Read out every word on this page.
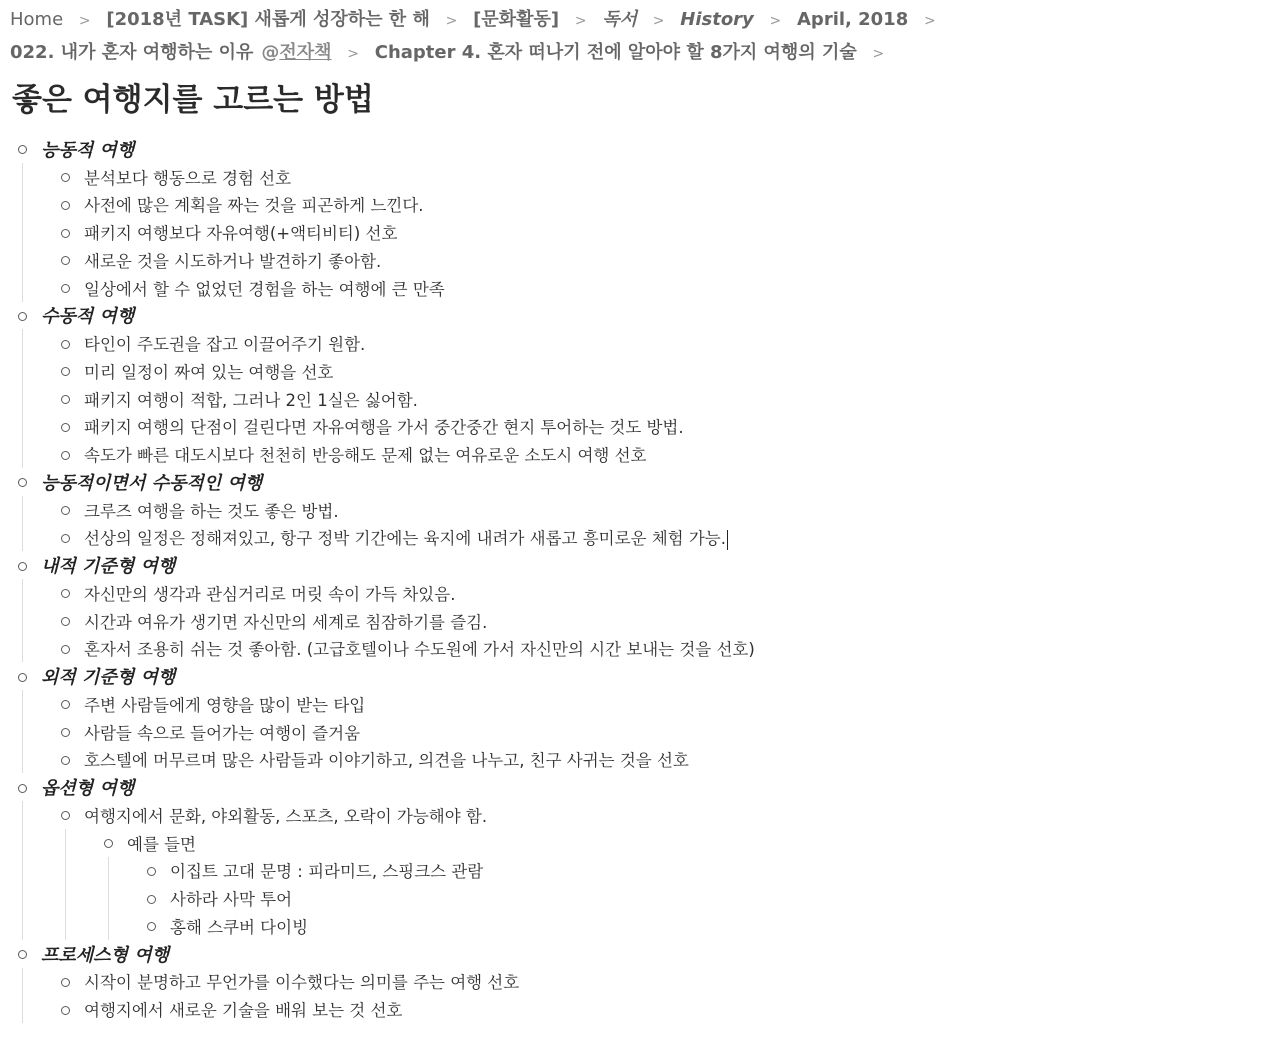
Home > [2018년 TASK] 새롭게 성장하는 한 해 > [문화활동] > 독서 > History > April, 2018 > 022. 내가 혼자 여행하는 이유 @전자책 > Chapter 4. 혼자 떠나기 전에 알아야 할 8가지 여행의 기술 >
좋은 여행지를 고르는 방법
능동적 여행
분석보다 행동으로 경험 선호
사전에 많은 계획을 짜는 것을 피곤하게 느낀다.
패키지 여행보다 자유여행(+액티비티) 선호
새로운 것을 시도하거나 발견하기 좋아함.
일상에서 할 수 없었던 경험을 하는 여행에 큰 만족
수동적 여행
타인이 주도권을 잡고 이끌어주기 원함.
미리 일정이 짜여 있는 여행을 선호
패키지 여행이 적합, 그러나 2인 1실은 싫어함.
패키지 여행의 단점이 걸린다면 자유여행을 가서 중간중간 현지 투어하는 것도 방법.
속도가 빠른 대도시보다 천천히 반응해도 문제 없는 여유로운 소도시 여행 선호
능동적이면서 수동적인 여행
크루즈 여행을 하는 것도 좋은 방법.
선상의 일정은 정해져있고, 항구 정박 기간에는 육지에 내려가 새롭고 흥미로운 체험 가능.
내적 기준형 여행
자신만의 생각과 관심거리로 머릿 속이 가득 차있음.
시간과 여유가 생기면 자신만의 세계로 침잠하기를 즐김.
혼자서 조용히 쉬는 것 좋아함. (고급호텔이나 수도원에 가서 자신만의 시간 보내는 것을 선호)
외적 기준형 여행
주변 사람들에게 영향을 많이 받는 타입
사람들 속으로 들어가는 여행이 즐거움
호스텔에 머무르며 많은 사람들과 이야기하고, 의견을 나누고, 친구 사귀는 것을 선호
옵션형 여행
여행지에서 문화, 야외활동, 스포츠, 오락이 가능해야 함.
예를 들면
이집트 고대 문명 : 피라미드, 스핑크스 관람
사하라 사막 투어
홍해 스쿠버 다이빙
프로세스형 여행
시작이 분명하고 무언가를 이수했다는 의미를 주는 여행 선호
여행지에서 새로운 기술을 배워 보는 것 선호
